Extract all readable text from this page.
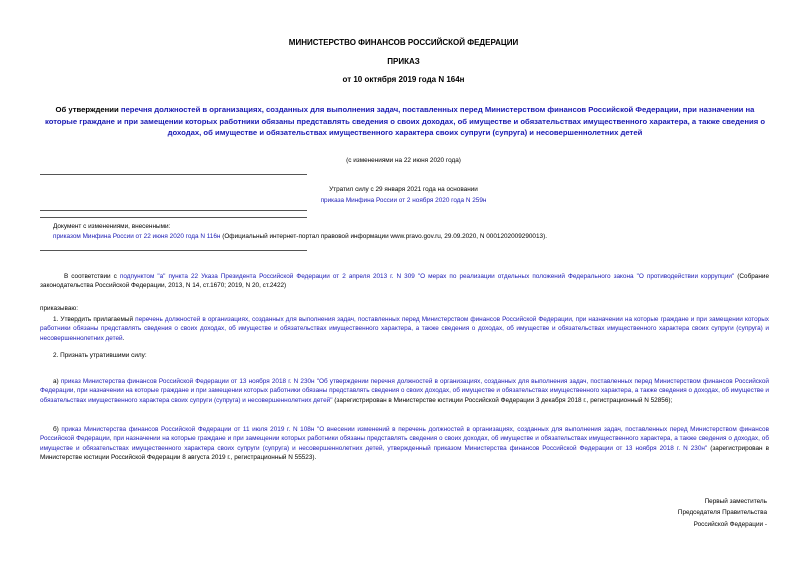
МИНИСТЕРСТВО ФИНАНСОВ РОССИЙСКОЙ ФЕДЕРАЦИИ
ПРИКАЗ
от 10 октября 2019 года N 164н
Об утверждении перечня должностей в организациях, созданных для выполнения задач, поставленных перед Министерством финансов Российской Федерации, при назначении на которые граждане и при замещении которых работники обязаны представлять сведения о своих доходах, об имуществе и обязательствах имущественного характера, а также сведения о доходах, об имуществе и обязательствах имущественного характера своих супруги (супруга) и несовершеннолетних детей
(с изменениями на 22 июня 2020 года)
Утратил силу с 29 января 2021 года на основании
приказа Минфина России от 2 ноября 2020 года N 259н
Документ с изменениями, внесенными:
приказом Минфина России от 22 июня 2020 года N 116н (Официальный интернет-портал правовой информации www.pravo.gov.ru, 29.09.2020, N 0001202009290013).
В соответствии с подпунктом "а" пункта 22 Указа Президента Российской Федерации от 2 апреля 2013 г. N 309 "О мерах по реализации отдельных положений Федерального закона "О противодействии коррупции" (Собрание законодательства Российской Федерации, 2013, N 14, ст.1670; 2019, N 20, ст.2422)
приказываю:
1. Утвердить прилагаемый перечень должностей в организациях, созданных для выполнения задач, поставленных перед Министерством финансов Российской Федерации, при назначении на которые граждане и при замещении которых работники обязаны представлять сведения о своих доходах, об имуществе и обязательствах имущественного характера, а также сведения о доходах, об имуществе и обязательствах имущественного характера своих супруги (супруга) и несовершеннолетних детей.
2. Признать утратившими силу:
а) приказ Министерства финансов Российской Федерации от 13 ноября 2018 г. N 230н "Об утверждении перечня должностей в организациях, созданных для выполнения задач, поставленных перед Министерством финансов Российской Федерации, при назначении на которые граждане и при замещении которых работники обязаны представлять сведения о своих доходах, об имуществе и обязательствах имущественного характера, а также сведения о доходах, об имуществе и обязательствах имущественного характера своих супруги (супруга) и несовершеннолетних детей" (зарегистрирован в Министерстве юстиции Российской Федерации 3 декабря 2018 г., регистрационный N 52856);
б) приказ Министерства финансов Российской Федерации от 11 июля 2019 г. N 108н "О внесении изменений в перечень должностей в организациях, созданных для выполнения задач, поставленных перед Министерством финансов Российской Федерации, при назначении на которые граждане и при замещении которых работники обязаны представлять сведения о своих доходах, об имуществе и обязательствах имущественного характера, а также сведения о доходах, об имуществе и обязательствах имущественного характера своих супруги (супруга) и несовершеннолетних детей, утвержденный приказом Министерства финансов Российской Федерации от 13 ноября 2018 г. N 230н" (зарегистрирован в Министерстве юстиции Российской Федерации 8 августа 2019 г., регистрационный N 55523).
Первый заместитель
Председателя Правительства
Российской Федерации -
